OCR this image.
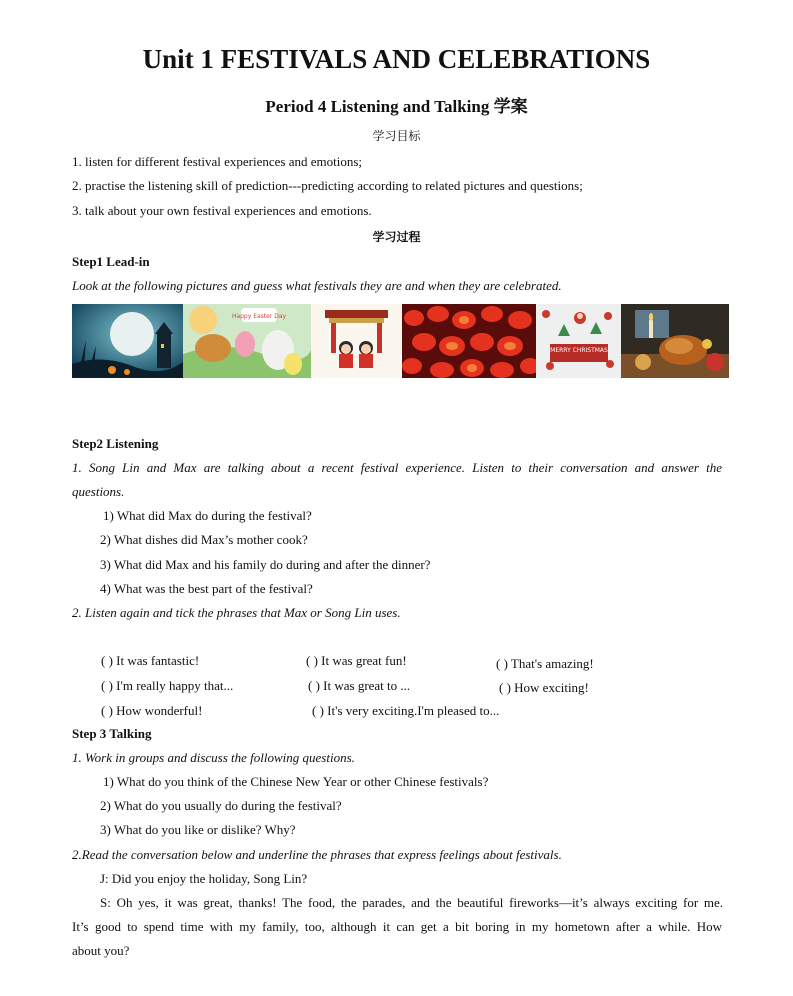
Unit 1 FESTIVALS AND CELEBRATIONS
Period 4 Listening and Talking 学案
学习目标
1. listen for different festival experiences and emotions;
2. practise the listening skill of prediction---predicting according to related pictures and questions;
3. talk about your own festival experiences and emotions.
学习过程
Step1 Lead-in
Look at the following pictures and guess what festivals they are and when they are celebrated.
Happy Easter Day
MERRY CHRISTMAS
Step2 Listening
1. Song Lin and Max are talking about a recent festival experience. Listen to their conversation and answer the
questions.
1) What did Max do during the festival?
2) What dishes did Max’s mother cook?
3) What did Max and his family do during and after the dinner?
4) What was the best part of the festival?
2. Listen again and tick the phrases that Max or Song Lin uses.
( ) It was fantastic!	( ) It was great fun!	( ) That's amazing!
( ) I'm really happy that...	( ) It was great to ...	( ) How exciting!
( ) How wonderful!	( ) It's very exciting.I'm pleased to...
Step 3 Talking
1. Work in groups and discuss the following questions.
1) What do you think of the Chinese New Year or other Chinese festivals?
2) What do you usually do during the festival?
3) What do you like or dislike? Why?
2.Read the conversation below and underline the phrases that express feelings about festivals.
J: Did you enjoy the holiday, Song Lin?
S: Oh yes, it was great, thanks! The food, the parades, and the beautiful fireworks—it’s always exciting for me.
It’s good to spend time with my family, too, although it can get a bit boring in my hometown after a while. How
about you?
